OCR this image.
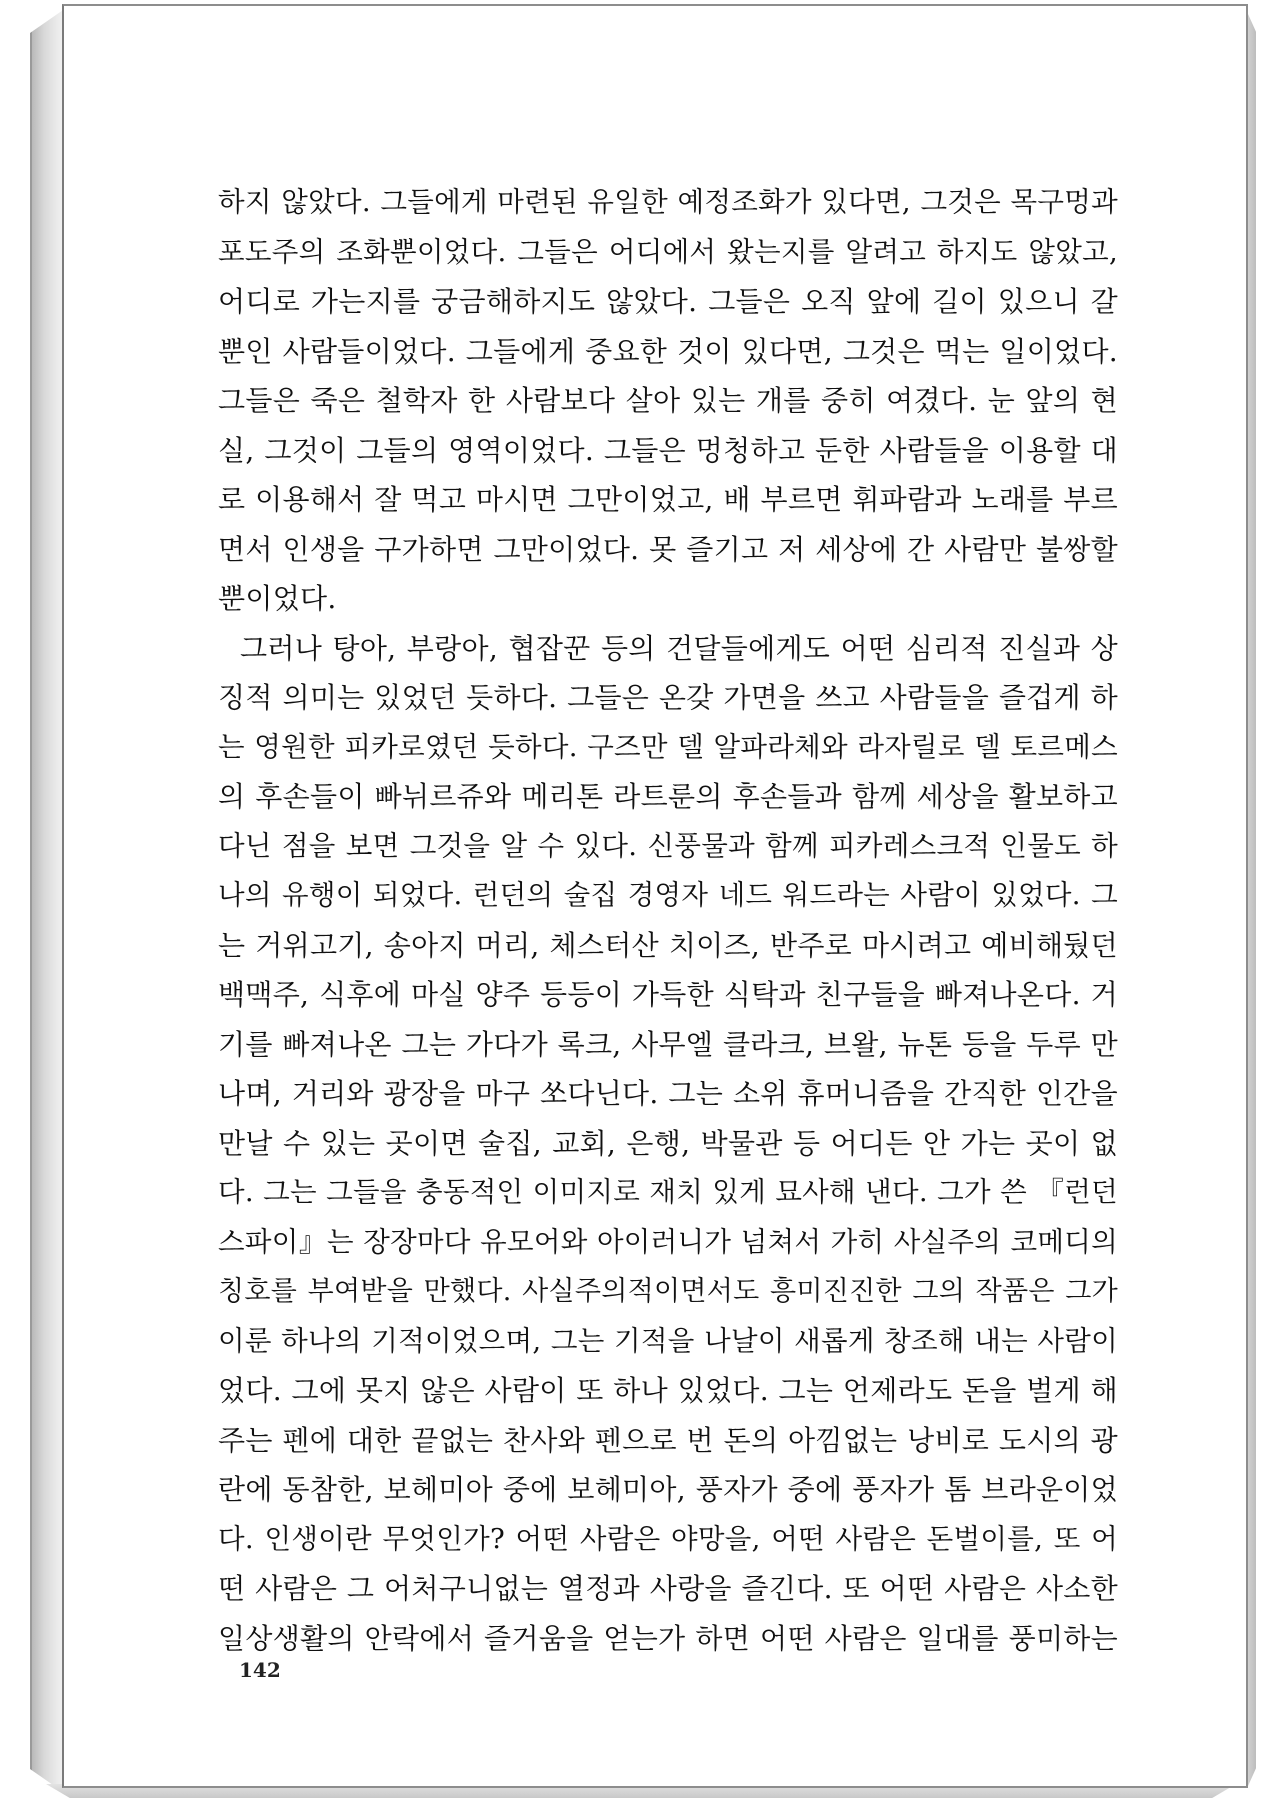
하지 않았다. 그들에게 마련된 유일한 예정조화가 있다면, 그것은 목구멍과
포도주의 조화뿐이었다. 그들은 어디에서 왔는지를 알려고 하지도 않았고,
어디로 가는지를 궁금해하지도 않았다. 그들은 오직 앞에 길이 있으니 갈
뿐인 사람들이었다. 그들에게 중요한 것이 있다면, 그것은 먹는 일이었다.
그들은 죽은 철학자 한 사람보다 살아 있는 개를 중히 여겼다. 눈 앞의 현
실, 그것이 그들의 영역이었다. 그들은 멍청하고 둔한 사람들을 이용할 대
로 이용해서 잘 먹고 마시면 그만이었고, 배 부르면 휘파람과 노래를 부르
면서 인생을 구가하면 그만이었다. 못 즐기고 저 세상에 간 사람만 불쌍할
뿐이었다.
그러나 탕아, 부랑아, 협잡꾼 등의 건달들에게도 어떤 심리적 진실과 상
징적 의미는 있었던 듯하다. 그들은 온갖 가면을 쓰고 사람들을 즐겁게 하
는 영원한 피카로였던 듯하다. 구즈만 델 알파라체와 라자릴로 델 토르메스
의 후손들이 빠뉘르쥬와 메리톤 라트룬의 후손들과 함께 세상을 활보하고
다닌 점을 보면 그것을 알 수 있다. 신풍물과 함께 피카레스크적 인물도 하
나의 유행이 되었다. 런던의 술집 경영자 네드 워드라는 사람이 있었다. 그
는 거위고기, 송아지 머리, 체스터산 치이즈, 반주로 마시려고 예비해뒀던
백맥주, 식후에 마실 양주 등등이 가득한 식탁과 친구들을 빠져나온다. 거
기를 빠져나온 그는 가다가 록크, 사무엘 클라크, 브왈, 뉴톤 등을 두루 만
나며, 거리와 광장을 마구 쏘다닌다. 그는 소위 휴머니즘을 간직한 인간을
만날 수 있는 곳이면 술집, 교회, 은행, 박물관 등 어디든 안 가는 곳이 없
다. 그는 그들을 충동적인 이미지로 재치 있게 묘사해 낸다. 그가 쓴 『런던
스파이』는 장장마다 유모어와 아이러니가 넘쳐서 가히 사실주의 코메디의
칭호를 부여받을 만했다. 사실주의적이면서도 흥미진진한 그의 작품은 그가
이룬 하나의 기적이었으며, 그는 기적을 나날이 새롭게 창조해 내는 사람이
었다. 그에 못지 않은 사람이 또 하나 있었다. 그는 언제라도 돈을 벌게 해
주는 펜에 대한 끝없는 찬사와 펜으로 번 돈의 아낌없는 낭비로 도시의 광
란에 동참한, 보헤미아 중에 보헤미아, 풍자가 중에 풍자가 톰 브라운이었
다. 인생이란 무엇인가? 어떤 사람은 야망을, 어떤 사람은 돈벌이를, 또 어
떤 사람은 그 어처구니없는 열정과 사랑을 즐긴다. 또 어떤 사람은 사소한
일상생활의 안락에서 즐거움을 얻는가 하면 어떤 사람은 일대를 풍미하는
142
